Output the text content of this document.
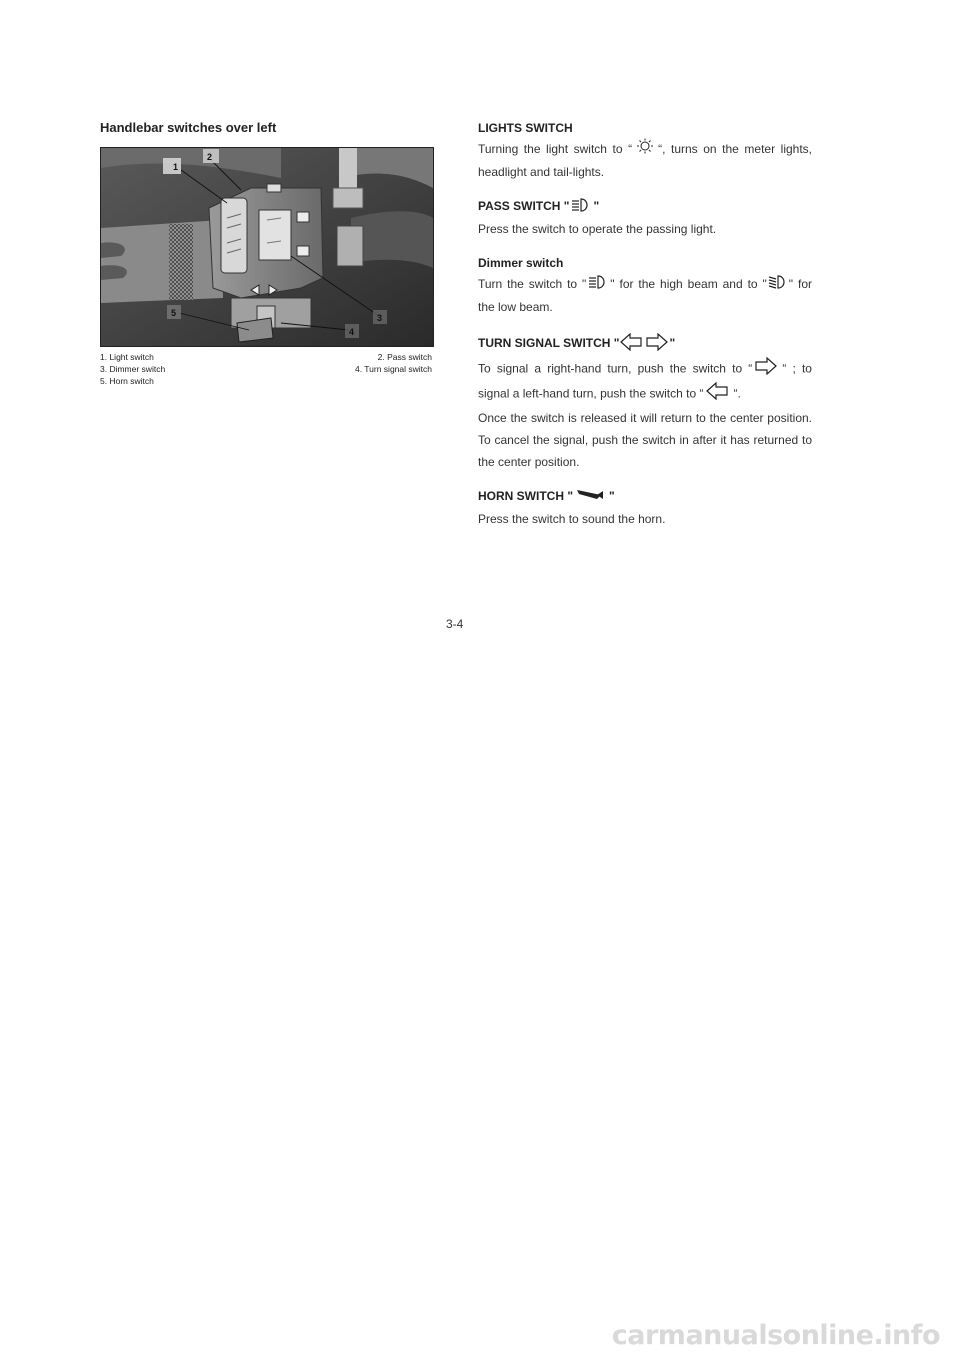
Handlebar switches over left
1
2
3
4
5
1. Light switch	2. Pass switch
3. Dimmer switch	4. Turn signal switch
5. Horn switch
LIGHTS SWITCH

Turning the light switch to “ “, turns on the meter lights, headlight and tail-lights.

PASS SWITCH " "

Press the switch to operate the passing light.

Dimmer switch

Turn the switch to " " for the high beam and to " " for the low beam.

TURN SIGNAL SWITCH "	"

To signal a right-hand turn, push the switch to “	“ ; to signal a left-hand turn, push the switch to “	“.

Once the switch is released it will return to the center position. To cancel the signal, push the switch in after it has returned to the center position.

HORN SWITCH "	"

Press the switch to sound the horn.

3-4
carmanualsonline.info
